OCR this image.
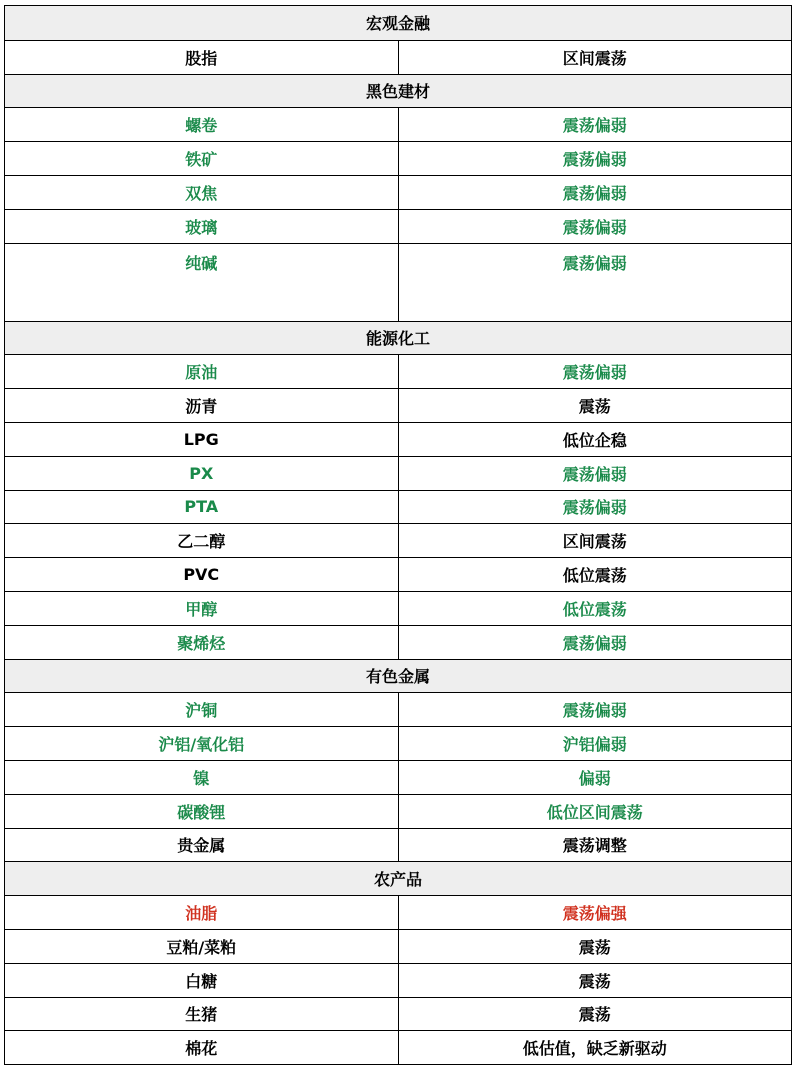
宏观金融
股指	区间震荡
黑色建材
螺卷	震荡偏弱
铁矿	震荡偏弱
双焦	震荡偏弱
玻璃	震荡偏弱
纯碱	震荡偏弱
能源化工
原油	震荡偏弱
沥青	震荡
LPG	低位企稳
PX	震荡偏弱
PTA	震荡偏弱
乙二醇	区间震荡
PVC	低位震荡
甲醇	低位震荡
聚烯烃	震荡偏弱
有色金属
沪铜	震荡偏弱
沪铝/氧化铝	沪铝偏弱
镍	偏弱
碳酸锂	低位区间震荡
贵金属	震荡调整
农产品
油脂	震荡偏强
豆粕/菜粕	震荡
白糖	震荡
生猪	震荡
棉花	低估值，缺乏新驱动
